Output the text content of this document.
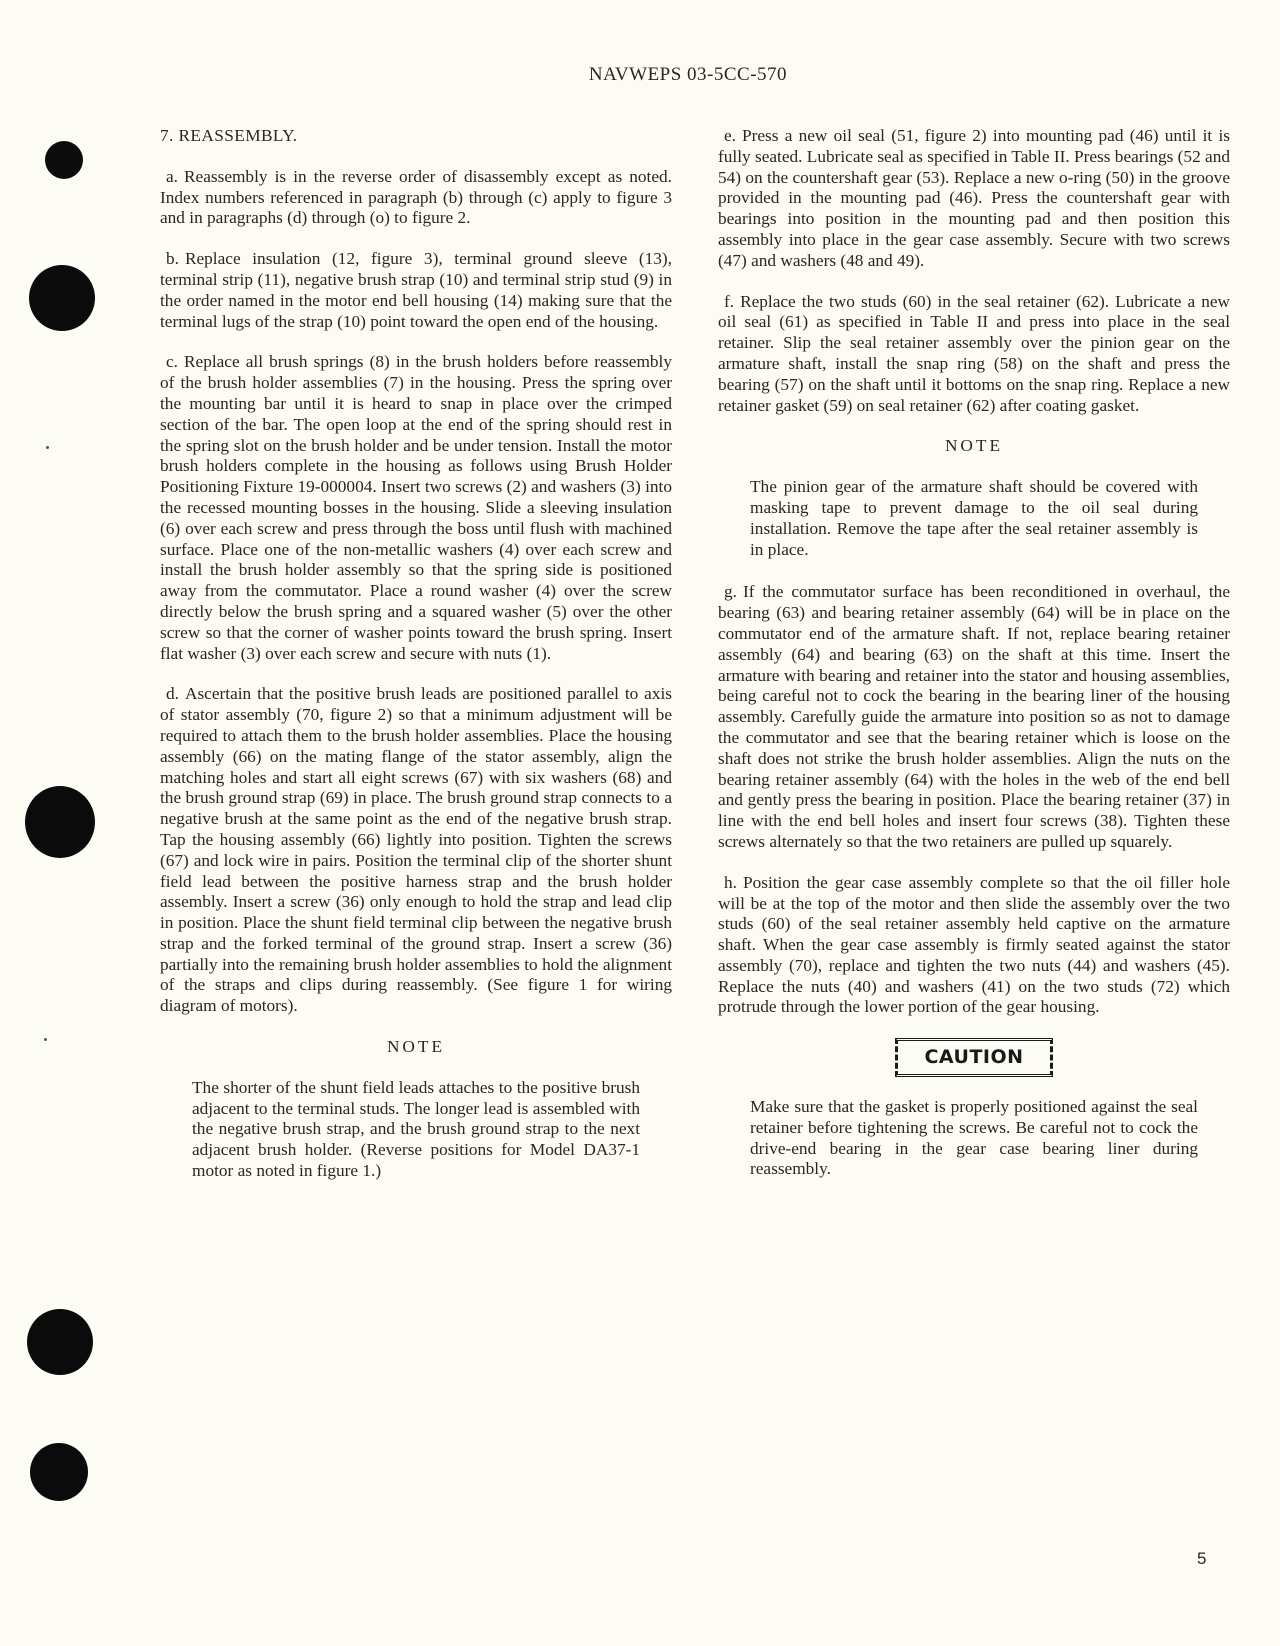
NAVWEPS 03-5CC-570
7. REASSEMBLY.

a. Reassembly is in the reverse order of disassembly except as noted. Index numbers referenced in paragraph (b) through (c) apply to figure 3 and in paragraphs (d) through (o) to figure 2.

b. Replace insulation (12, figure 3), terminal ground sleeve (13), terminal strip (11), negative brush strap (10) and terminal strip stud (9) in the order named in the motor end bell housing (14) making sure that the terminal lugs of the strap (10) point toward the open end of the housing.

c. Replace all brush springs (8) in the brush holders before reassembly of the brush holder assemblies (7) in the housing. Press the spring over the mounting bar until it is heard to snap in place over the crimped section of the bar. The open loop at the end of the spring should rest in the spring slot on the brush holder and be under tension. Install the motor brush holders complete in the housing as follows using Brush Holder Positioning Fixture 19-000004. Insert two screws (2) and washers (3) into the recessed mounting bosses in the housing. Slide a sleeving insulation (6) over each screw and press through the boss until flush with machined surface. Place one of the non-metallic washers (4) over each screw and install the brush holder assembly so that the spring side is positioned away from the commutator. Place a round washer (4) over the screw directly below the brush spring and a squared washer (5) over the other screw so that the corner of washer points toward the brush spring. Insert flat washer (3) over each screw and secure with nuts (1).

d. Ascertain that the positive brush leads are positioned parallel to axis of stator assembly (70, figure 2) so that a minimum adjustment will be required to attach them to the brush holder assemblies. Place the housing assembly (66) on the mating flange of the stator assembly, align the matching holes and start all eight screws (67) with six washers (68) and the brush ground strap (69) in place. The brush ground strap connects to a negative brush at the same point as the end of the negative brush strap. Tap the housing assembly (66) lightly into position. Tighten the screws (67) and lock wire in pairs. Position the terminal clip of the shorter shunt field lead between the positive harness strap and the brush holder assembly. Insert a screw (36) only enough to hold the strap and lead clip in position. Place the shunt field terminal clip between the negative brush strap and the forked terminal of the ground strap. Insert a screw (36) partially into the remaining brush holder assemblies to hold the alignment of the straps and clips during reassembly. (See figure 1 for wiring diagram of motors).

NOTE
The shorter of the shunt field leads attaches to the positive brush adjacent to the terminal studs. The longer lead is assembled with the negative brush strap, and the brush ground strap to the next adjacent brush holder. (Reverse positions for Model DA37-1 motor as noted in figure 1.)

e. Press a new oil seal (51, figure 2) into mounting pad (46) until it is fully seated. Lubricate seal as specified in Table II. Press bearings (52 and 54) on the countershaft gear (53). Replace a new o-ring (50) in the groove provided in the mounting pad (46). Press the countershaft gear with bearings into position in the mounting pad and then position this assembly into place in the gear case assembly. Secure with two screws (47) and washers (48 and 49).

f. Replace the two studs (60) in the seal retainer (62). Lubricate a new oil seal (61) as specified in Table II and press into place in the seal retainer. Slip the seal retainer assembly over the pinion gear on the armature shaft, install the snap ring (58) on the shaft and press the bearing (57) on the shaft until it bottoms on the snap ring. Replace a new retainer gasket (59) on seal retainer (62) after coating gasket.

NOTE
The pinion gear of the armature shaft should be covered with masking tape to prevent damage to the oil seal during installation. Remove the tape after the seal retainer assembly is in place.

g. If the commutator surface has been reconditioned in overhaul, the bearing (63) and bearing retainer assembly (64) will be in place on the commutator end of the armature shaft. If not, replace bearing retainer assembly (64) and bearing (63) on the shaft at this time. Insert the armature with bearing and retainer into the stator and housing assemblies, being careful not to cock the bearing in the bearing liner of the housing assembly. Carefully guide the armature into position so as not to damage the commutator and see that the bearing retainer which is loose on the shaft does not strike the brush holder assemblies. Align the nuts on the bearing retainer assembly (64) with the holes in the web of the end bell and gently press the bearing in position. Place the bearing retainer (37) in line with the end bell holes and insert four screws (38). Tighten these screws alternately so that the two retainers are pulled up squarely.

h. Position the gear case assembly complete so that the oil filler hole will be at the top of the motor and then slide the assembly over the two studs (60) of the seal retainer assembly held captive on the armature shaft. When the gear case assembly is firmly seated against the stator assembly (70), replace and tighten the two nuts (44) and washers (45). Replace the nuts (40) and washers (41) on the two studs (72) which protrude through the lower portion of the gear housing.

CAUTION
Make sure that the gasket is properly positioned against the seal retainer before tightening the screws. Be careful not to cock the drive-end bearing in the gear case bearing liner during reassembly.
5
